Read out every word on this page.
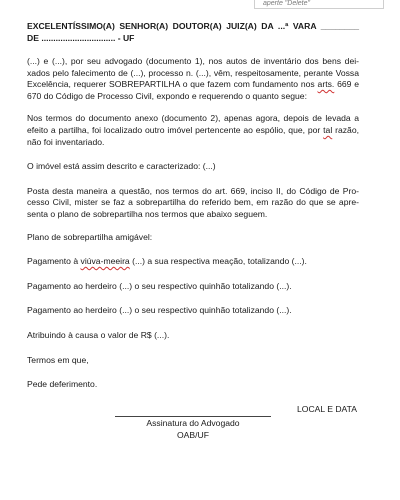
aperte "Delete"

EXCELENTÍSSIMO(A) SENHOR(A) DOUTOR(A) JUIZ(A) DA ...ª VARA ________

DE ............................... - UF

(...) e (...), por seu advogado (documento 1), nos autos de inventário dos bens dei-xados pelo falecimento de (...), processo n. (...), vêm, respeitosamente, perante Vossa Excelência, requerer SOBREPARTILHA o que fazem com fundamento nos arts. 669 e 670 do Código de Processo Civil, expondo e requerendo o quanto segue:

Nos termos do documento anexo (documento 2), apenas agora, depois de levada a efeito a partilha, foi localizado outro imóvel pertencente ao espólio, que, por tal razão, não foi inventariado.

O imóvel está assim descrito e caracterizado: (...)

Posta desta maneira a questão, nos termos do art. 669, inciso II, do Código de Pro-cesso Civil, mister se faz a sobrepartilha do referido bem, em razão do que se apre-senta o plano de sobrepartilha nos termos que abaixo seguem.

Plano de sobrepartilha amigável:

Pagamento à viúva-meeira (...) a sua respectiva meação, totalizando (...).

Pagamento ao herdeiro (...) o seu respectivo quinhão totalizando (...).

Pagamento ao herdeiro (...) o seu respectivo quinhão totalizando (...).

Atribuindo à causa o valor de R$ (...).

Termos em que,

Pede deferimento.

LOCAL E DATA

Assinatura do Advogado
OAB/UF
